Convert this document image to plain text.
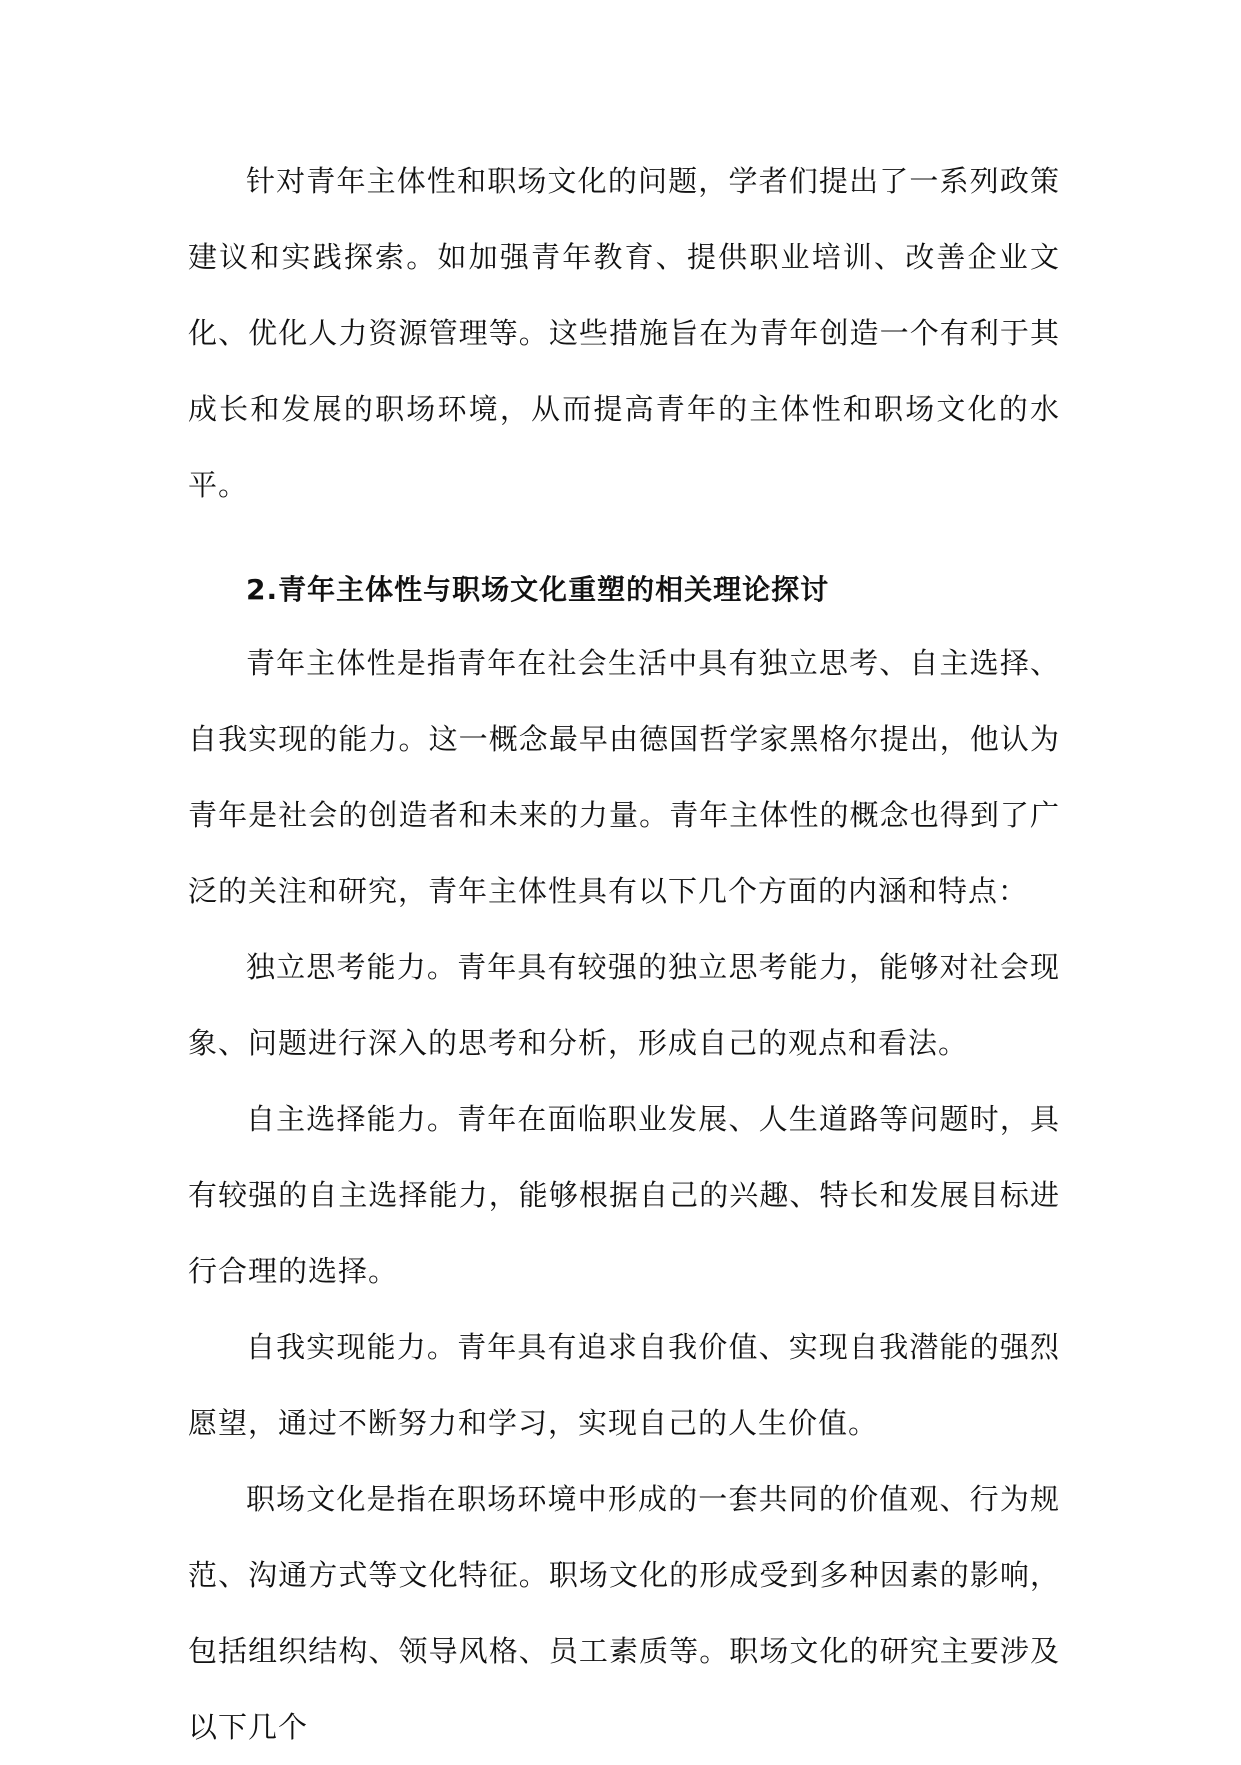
针对青年主体性和职场文化的问题，学者们提出了一系列政策建议和实践探索。如加强青年教育、提供职业培训、改善企业文化、优化人力资源管理等。这些措施旨在为青年创造一个有利于其成长和发展的职场环境，从而提高青年的主体性和职场文化的水平。

2.青年主体性与职场文化重塑的相关理论探讨

青年主体性是指青年在社会生活中具有独立思考、自主选择、自我实现的能力。这一概念最早由德国哲学家黑格尔提出，他认为青年是社会的创造者和未来的力量。青年主体性的概念也得到了广泛的关注和研究，青年主体性具有以下几个方面的内涵和特点：

独立思考能力。青年具有较强的独立思考能力，能够对社会现象、问题进行深入的思考和分析，形成自己的观点和看法。

自主选择能力。青年在面临职业发展、人生道路等问题时，具有较强的自主选择能力，能够根据自己的兴趣、特长和发展目标进行合理的选择。

自我实现能力。青年具有追求自我价值、实现自我潜能的强烈愿望，通过不断努力和学习，实现自己的人生价值。

职场文化是指在职场环境中形成的一套共同的价值观、行为规范、沟通方式等文化特征。职场文化的形成受到多种因素的影响，包括组织结构、领导风格、员工素质等。职场文化的研究主要涉及以下几个
